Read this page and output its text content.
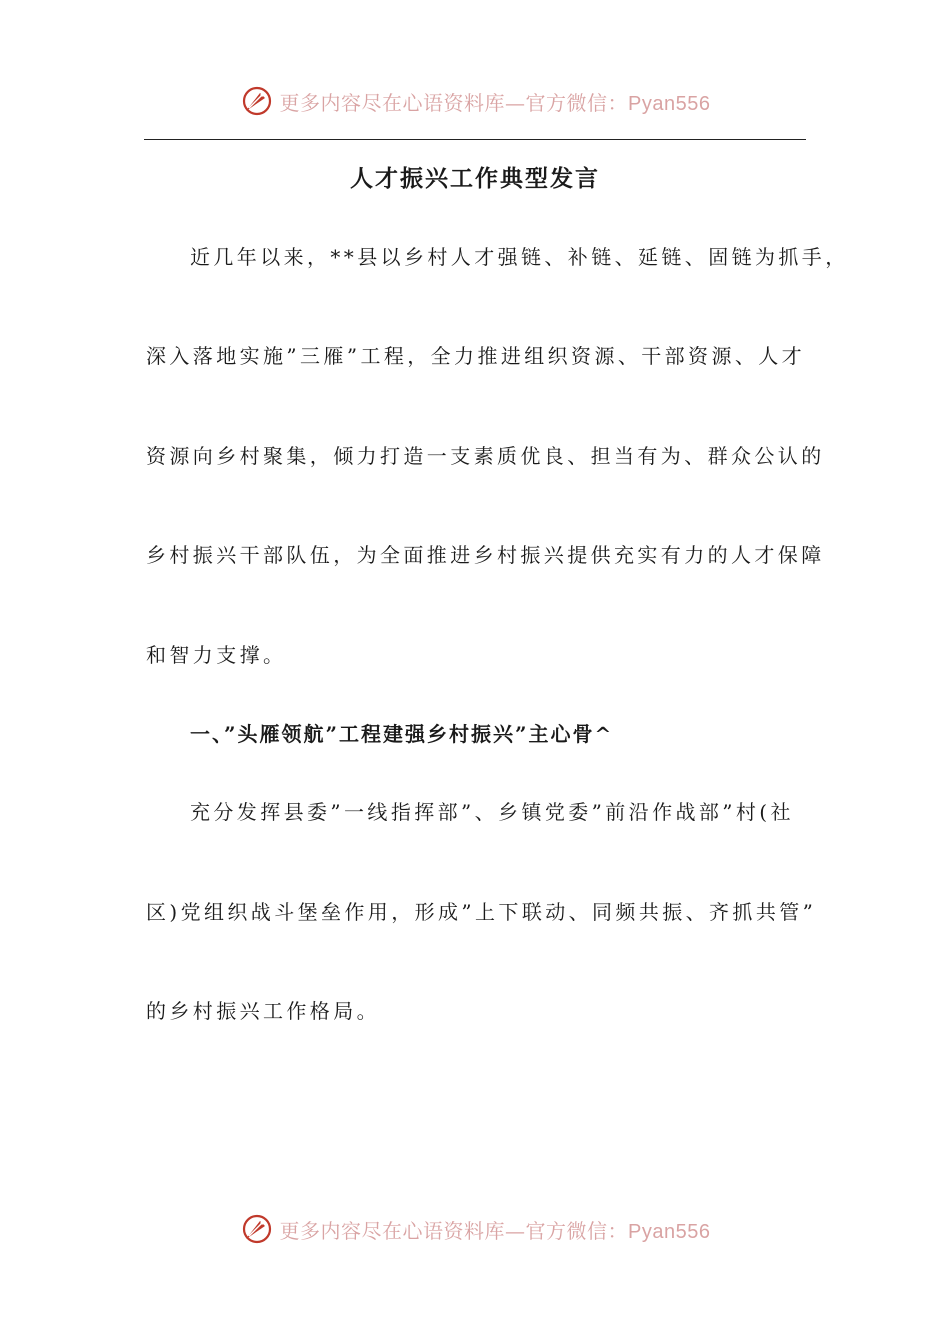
更多内容尽在心语资料库—官方微信：Pyan556
人才振兴工作典型发言

近几年以来，**县以乡村人才强链、补链、延链、固链为抓手，

深入落地实施”三雁”工程，全力推进组织资源、干部资源、人才

资源向乡村聚集，倾力打造一支素质优良、担当有为、群众公认的

乡村振兴干部队伍，为全面推进乡村振兴提供充实有力的人才保障

和智力支撑。

一、”头雁领航”工程建强乡村振兴”主心骨^

充分发挥县委”一线指挥部”、乡镇党委”前沿作战部”村(社

区)党组织战斗堡垒作用，形成”上下联动、同频共振、齐抓共管”

的乡村振兴工作格局。

更多内容尽在心语资料库—官方微信：Pyan556
